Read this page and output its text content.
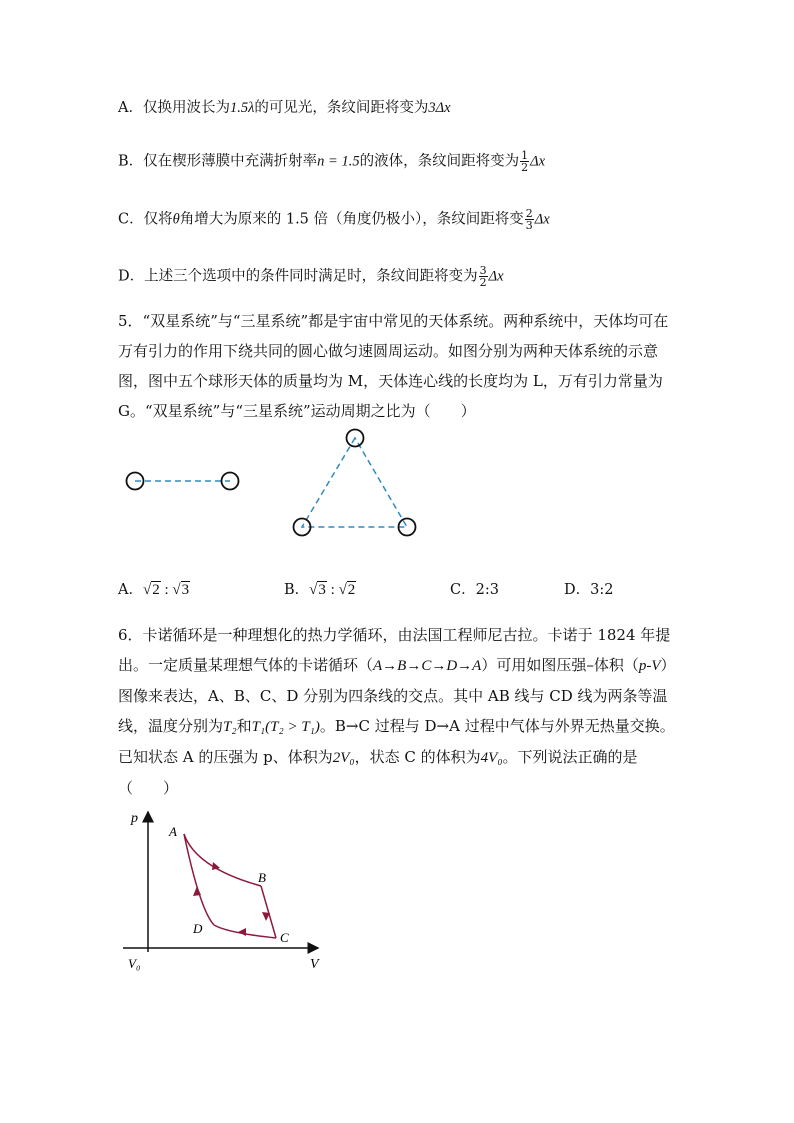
A．仅换用波长为1.5λ的可见光，条纹间距将变为3Δx
B．仅在楔形薄膜中充满折射率n = 1.5的液体，条纹间距将变为 $\frac{1}{2}$ Δx
C．仅将θ角增大为原来的 1.5 倍（角度仍极小），条纹间距将变 $\frac{2}{3}$ Δx
D．上述三个选项中的条件同时满足时，条纹间距将变为 $\frac{3}{2}$ Δx
5．“双星系统”与“三星系统”都是宇宙中常见的天体系统。两种系统中，天体均可在万有引力的作用下绕共同的圆心做匀速圆周运动。如图分别为两种天体系统的示意图，图中五个球形天体的质量均为 M，天体连心线的长度均为 L，万有引力常量为 G。“双星系统”与“三星系统”运动周期之比为（　　）
A．√2 : √3	B．√3 : √2	C．2:3	D．3:2
6．卡诺循环是一种理想化的热力学循环，由法国工程师尼古拉。卡诺于 1824 年提出。一定质量某理想气体的卡诺循环（A→B→C→D→A）可用如图压强–体积（p-V）图像来表达，A、B、C、D 分别为四条线的交点。其中 AB 线与 CD 线为两条等温线，温度分别为T₂和T₁(T₂ > T₁)。B→C 过程与 D→A 过程中气体与外界无热量交换。已知状态 A 的压强为 p、体积为2V₀，状态 C 的体积为4V₀。下列说法正确的是（　　）
p
V
V₀
A
B
C
D
